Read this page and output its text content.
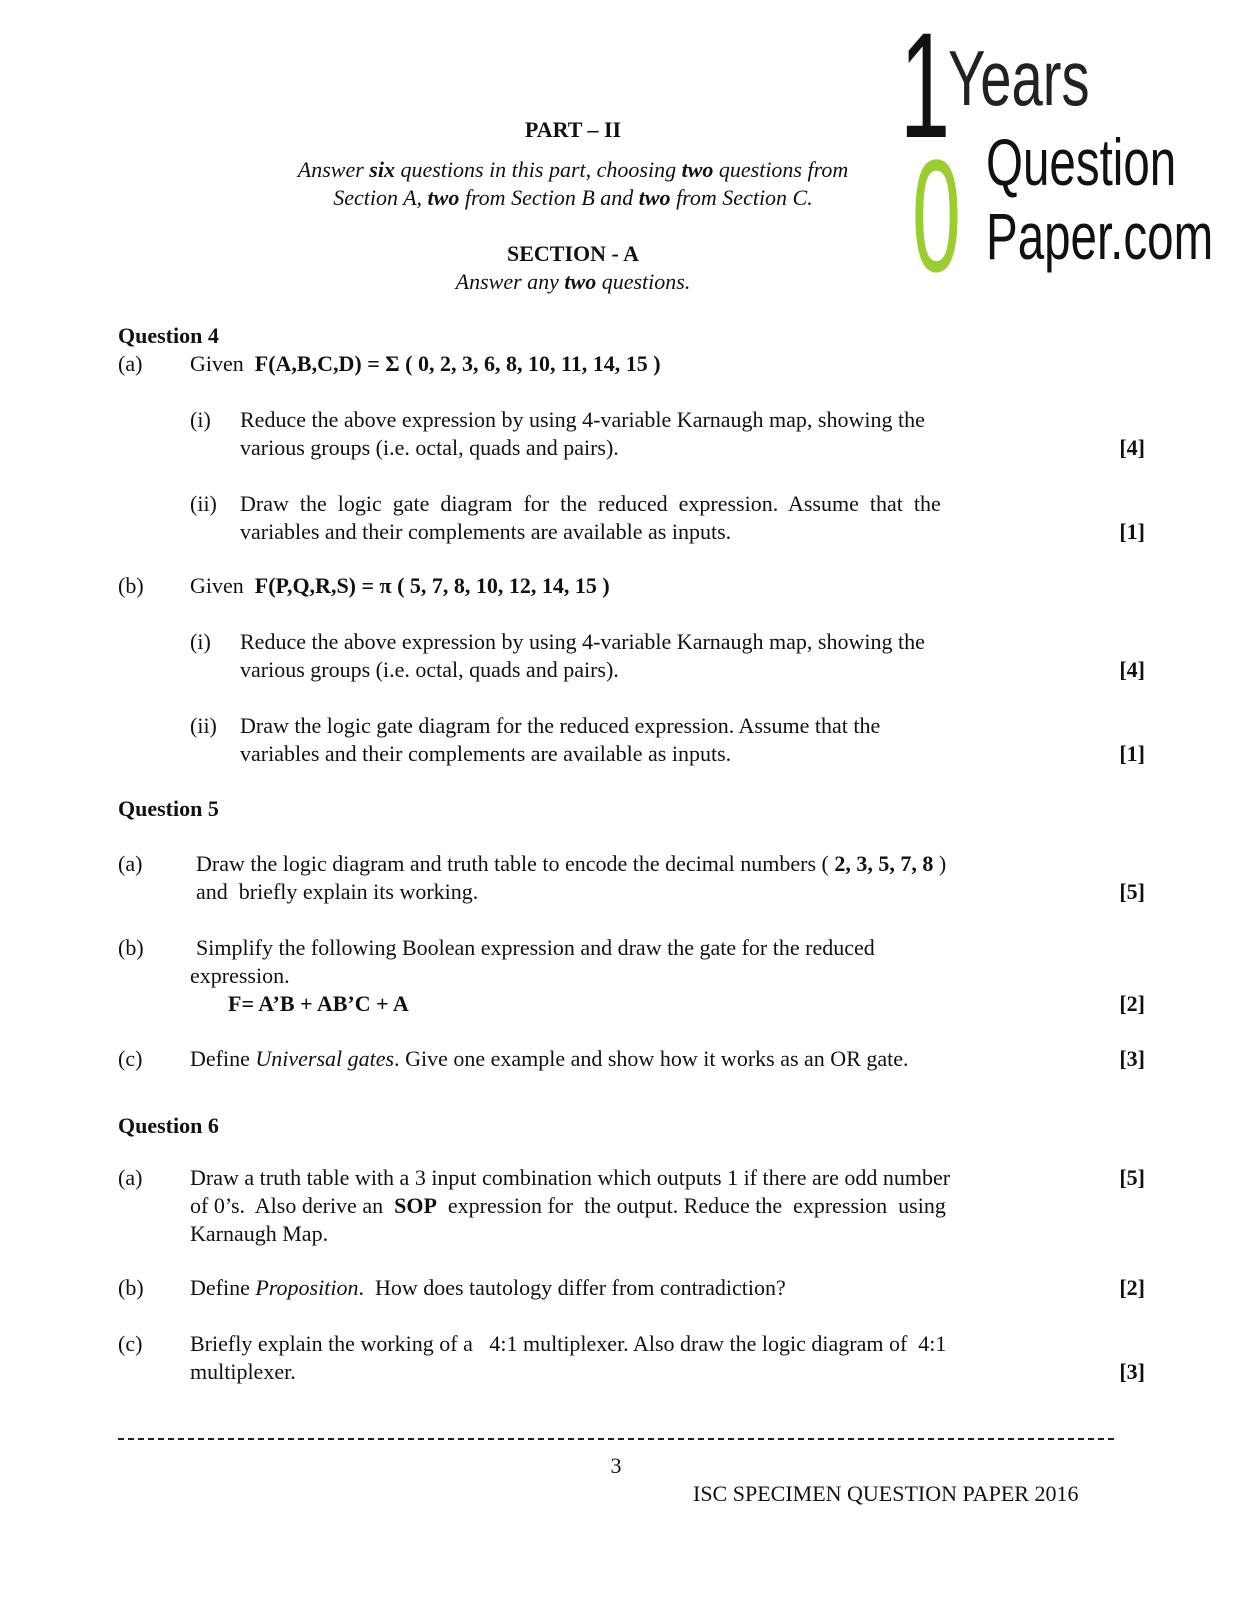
1
0
Years
Question
Paper.com
PART – II
Answer six questions in this part, choosing two questions from
Section A, two from Section B and two from Section C.
SECTION - A
Answer any two questions.
Question 4
(a) Given F(A,B,C,D) = Σ ( 0, 2, 3, 6, 8, 10, 11, 14, 15 )
(i) Reduce the above expression by using 4-variable Karnaugh map, showing the
various groups (i.e. octal, quads and pairs).	[4]
(ii) Draw  the  logic  gate  diagram  for  the  reduced  expression.  Assume  that  the
variables and their complements are available as inputs.	[1]
(b) Given F(P,Q,R,S) = π ( 5, 7, 8, 10, 12, 14, 15 )
(i) Reduce the above expression by using 4-variable Karnaugh map, showing the
various groups (i.e. octal, quads and pairs).	[4]
(ii) Draw the logic gate diagram for the reduced expression. Assume that the
variables and their complements are available as inputs.	[1]
Question 5
(a) Draw the logic diagram and truth table to encode the decimal numbers ( 2, 3, 5, 7, 8 )
and  briefly explain its working.	[5]
(b) Simplify the following Boolean expression and draw the gate for the reduced
expression.
F= A’B + AB’C + A	[2]
(c) Define Universal gates. Give one example and show how it works as an OR gate.	[3]
Question 6
(a) Draw a truth table with a 3 input combination which outputs 1 if there are odd number	[5]
of 0’s.  Also derive an  SOP  expression for  the output. Reduce the  expression  using
Karnaugh Map.
(b) Define Proposition.  How does tautology differ from contradiction?	[2]
(c) Briefly explain the working of a   4:1 multiplexer. Also draw the logic diagram of  4:1
multiplexer.	[3]
3
ISC SPECIMEN QUESTION PAPER 2016
